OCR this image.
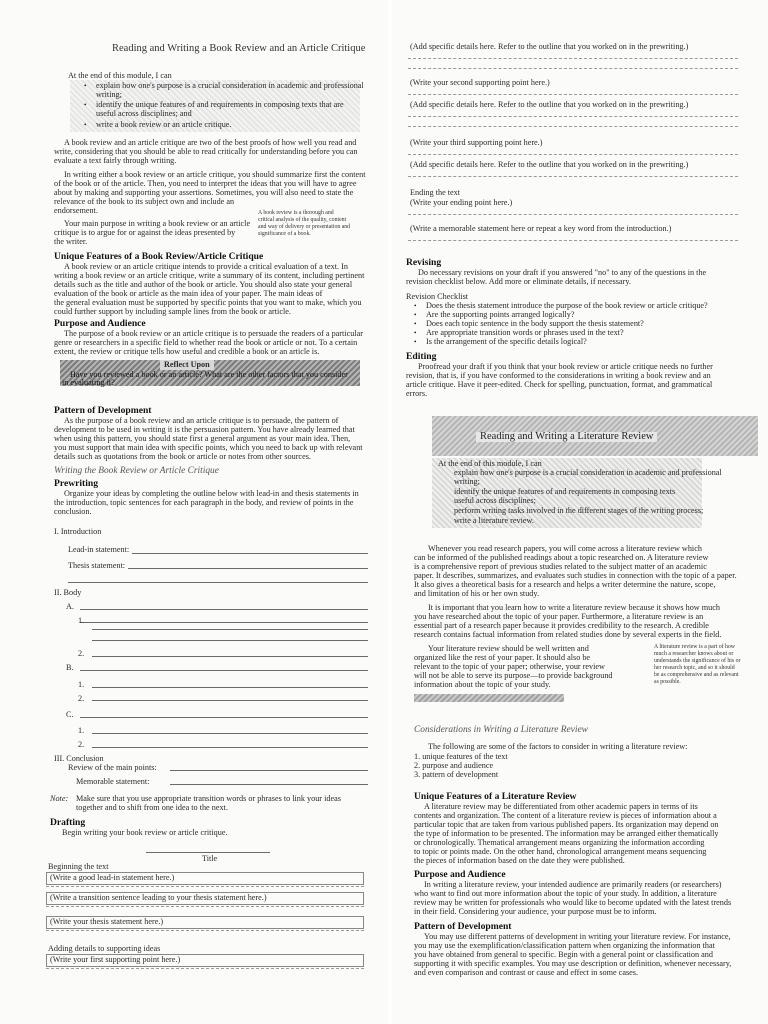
Reading and Writing a Book Review and an Article Critique
At the end of this module, I can
• explain how one's purpose is a crucial consideration in academic and professional
writing;
• identify the unique features of and requirements in composing texts that are
useful across disciplines; and
• write a book review or an article critique.
A book review and an article critique are two of the best proofs of how well you read and
write, considering that you should be able to read critically for understanding before you can
evaluate a text fairly through writing.
In writing either a book review or an article critique, you should summarize first the content
of the book or of the article. Then, you need to interpret the ideas that you will have to agree
about by making and supporting your assertions. Sometimes, you will also need to state the
relevance of the book to its subject own and include an
endorsement.
Your main purpose in writing a book review or an article
critique is to argue for or against the ideas presented by
the writer.
A book review is a thorough and
critical analysis of the quality, content
and way of delivery or presentation and
significance of a book.
Unique Features of a Book Review/Article Critique
A book review or an article critique intends to provide a critical evaluation of a text. In
writing a book review or an article critique, write a summary of its content, including pertinent
details such as the title and author of the book or article. You should also state your general
evaluation of the book or article as the main idea of your paper. The main ideas of
the general evaluation must be supported by specific points that you want to make, which you
could further support by including sample lines from the book or article.
Purpose and Audience
The purpose of a book review or an article critique is to persuade the readers of a particular
genre or researchers in a specific field to whether read the book or article or not. To a certain
extent, the review or critique tells how useful and credible a book or an article is.
Reflect Upon
Have you reviewed a book or an article? What are the other factors that you consider
in evaluating it?
Pattern of Development
As the purpose of a book review and an article critique is to persuade, the pattern of
development to be used in writing it is the persuasion pattern. You have already learned that
when using this pattern, you should state first a general argument as your main idea. Then,
you must support that main idea with specific points, which you need to back up with relevant
details such as quotations from the book or article or notes from other sources.
Writing the Book Review or Article Critique
Prewriting
Organize your ideas by completing the outline below with lead-in and thesis statements in
the introduction, topic sentences for each paragraph in the body, and review of points in the
conclusion.
I. Introduction
Lead-in statement:
Thesis statement:
II. Body
A.
1.
2.
B.
1.
2.
C.
1.
2.
III. Conclusion
Review of the main points:
Memorable statement:
Note: Make sure that you use appropriate transition words or phrases to link your ideas
together and to shift from one idea to the next.
Drafting
Begin writing your book review or article critique.
Title
Beginning the text
(Write a good lead-in statement here.)
(Write a transition sentence leading to your thesis statement here.)
(Write your thesis statement here.)
Adding details to supporting ideas
(Write your first supporting point here.)
(Add specific details here. Refer to the outline that you worked on in the prewriting.)
(Write your second supporting point here.)
(Add specific details here. Refer to the outline that you worked on in the prewriting.)
(Write your third supporting point here.)
(Add specific details here. Refer to the outline that you worked on in the prewriting.)
Ending the text
(Write your ending point here.)
(Write a memorable statement here or repeat a key word from the introduction.)
Revising
Do necessary revisions on your draft if you answered "no" to any of the questions in the
revision checklist below. Add more or eliminate details, if necessary.
Revision Checklist
• Does the thesis statement introduce the purpose of the book review or article critique?
• Are the supporting points arranged logically?
• Does each topic sentence in the body support the thesis statement?
• Are appropriate transition words or phrases used in the text?
• Is the arrangement of the specific details logical?
Editing
Proofread your draft if you think that your book review or article critique needs no further
revision, that is, if you have conformed to the considerations in writing a book review and an
article critique. Have it peer-edited. Check for spelling, punctuation, format, and grammatical
errors.
Reading and Writing a Literature Review
At the end of this module, I can
explain how one's purpose is a crucial consideration in academic and professional
writing;
identify the unique features of and requirements in composing texts
useful across disciplines;
perform writing tasks involved in the different stages of the writing process;
write a literature review.
Whenever you read research papers, you will come across a literature review which
can be informed of the published readings about a topic researched on. A literature review
is a comprehensive report of previous studies related to the subject matter of an academic
paper. It describes, summarizes, and evaluates such studies in connection with the topic of a paper.
It also gives a theoretical basis for a research and helps a writer determine the nature, scope,
and limitation of his or her own study.
It is important that you learn how to write a literature review because it shows how much
you have researched about the topic of your paper. Furthermore, a literature review is an
essential part of a research paper because it provides credibility to the research. A credible
research contains factual information from related studies done by several experts in the field.
Your literature review should be well written and
organized like the rest of your paper. It should also be
relevant to the topic of your paper; otherwise, your review
will not be able to serve its purpose—to provide background
information about the topic of your study.
A literature review is a part of how
much a researcher knows about or
understands the significance of his or
her research topic, and so it should
be as comprehensive and as relevant
as possible.
Considerations in Writing a Literature Review
The following are some of the factors to consider in writing a literature review:
1. unique features of the text
2. purpose and audience
3. pattern of development
Unique Features of a Literature Review
A literature review may be differentiated from other academic papers in terms of its
contents and organization. The content of a literature review is pieces of information about a
particular topic that are taken from various published papers. Its organization may depend on
the type of information to be presented. The information may be arranged either thematically
or chronologically. Thematical arrangement means organizing the information according
to topic or points made. On the other hand, chronological arrangement means sequencing
the pieces of information based on the date they were published.
Purpose and Audience
In writing a literature review, your intended audience are primarily readers (or researchers)
who want to find out more information about the topic of your study. In addition, a literature
review may be written for professionals who would like to become updated with the latest trends
in their field. Considering your audience, your purpose must be to inform.
Pattern of Development
You may use different patterns of development in writing your literature review. For instance,
you may use the exemplification/classification pattern when organizing the information that
you have obtained from general to specific. Begin with a general point or classification and
supporting it with specific examples. You may use description or definition, whenever necessary,
and even comparison and contrast or cause and effect in some cases.
